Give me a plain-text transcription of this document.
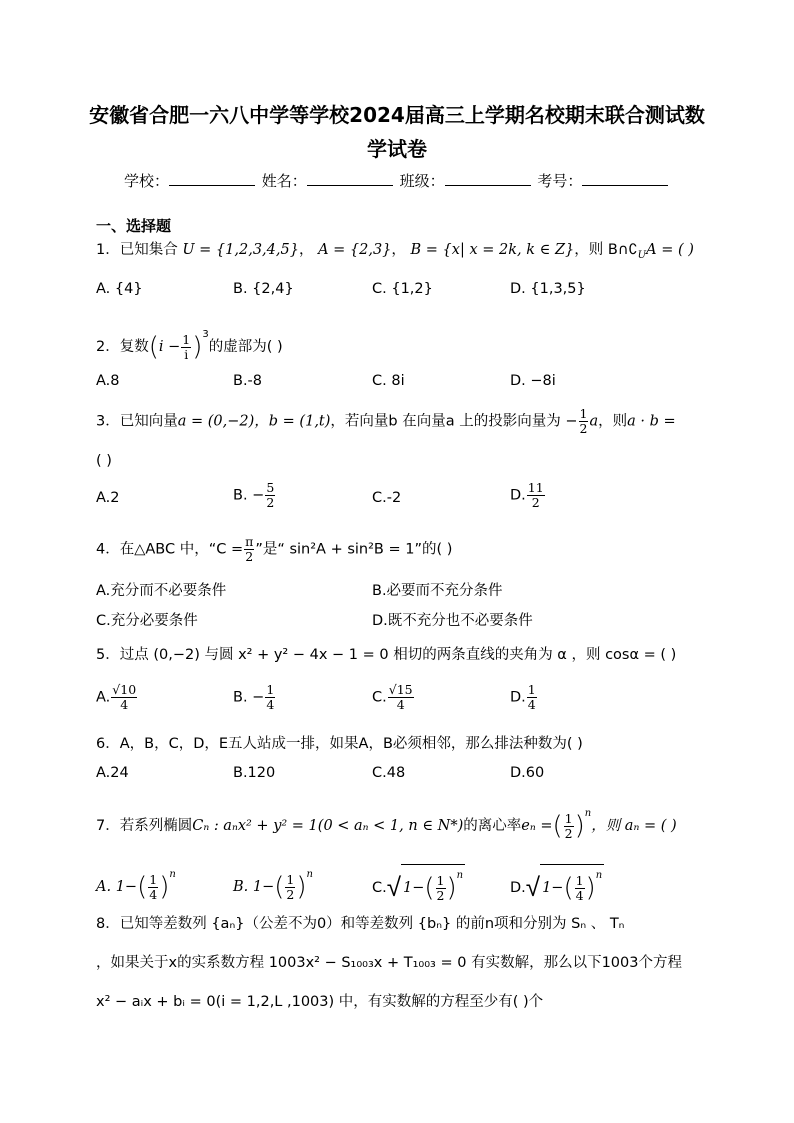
安徽省合肥一六八中学等学校2024届高三上学期名校期末联合测试数
学试卷
学校：	姓名：	班级：	考号：
一、选择题
1．已知集合 U = {1,2,3,4,5}， A = {2,3}， B = {x| x = 2k, k ∈ Z}，则 $B\cap∁_UA$ = ( )
A. {4}	B. {2,4}	C. {1,2}	D. {1,3,5}
2．复数$(i - \frac{1}{i} )^3$的虚部为( )
A.8	B.-8	C. 8i	D. −8i
3．已知向量a = (0,−2)，b = (1,t)，若向量b 在向量a 上的投影向量为 − $\frac{1}{2}$ a，则a · b =
( )
A.2	B. − $\frac{5}{2}$	C.-2	D. $\frac{11}{2}$
4．在△ABC 中，“$C = \frac{\pi}{2}$ ”是“ sin²A + sin²B = 1”的( )
A.充分而不必要条件	B.必要而不充分条件
C.充分必要条件	D.既不充分也不必要条件
5．过点 (0,−2) 与圆 x² + y² − 4x − 1 = 0 相切的两条直线的夹角为 α ，则 cosα = ( )
A. $\frac{√10}{4}$	B. − $\frac{1}{4}$	C. $\frac{√15}{4}$	D. $\frac{1}{4}$
6．A，B，C，D，E五人站成一排，如果A，B必须相邻，那么排法种数为( )
A.24	B.120	C.48	D.60
7．若系列椭圆Cₙ : aₙx² + y² = 1(0 < aₙ < 1, n ∈ N*)的离心率eₙ =( $\frac{1}{2} )^n$，则 aₙ = ( )
A. $1-( \frac{1}{4} )^n$
B. $1-( \frac{1}{2} )^n$
C.√ $1-( \frac{1}{2} )^n$
D.√ $1-( \frac{1}{4} )^n$
8．已知等差数列 {aₙ}（公差不为0）和等差数列 {bₙ} 的前n项和分别为 Sₙ 、 Tₙ
，如果关于x的实系数方程 1003x² − S₁₀₀₃x + T₁₀₀₃ = 0 有实数解，那么以下1003个方程
x² − aᵢx + bᵢ = 0(i = 1,2,L ,1003) 中，有实数解的方程至少有( )个
